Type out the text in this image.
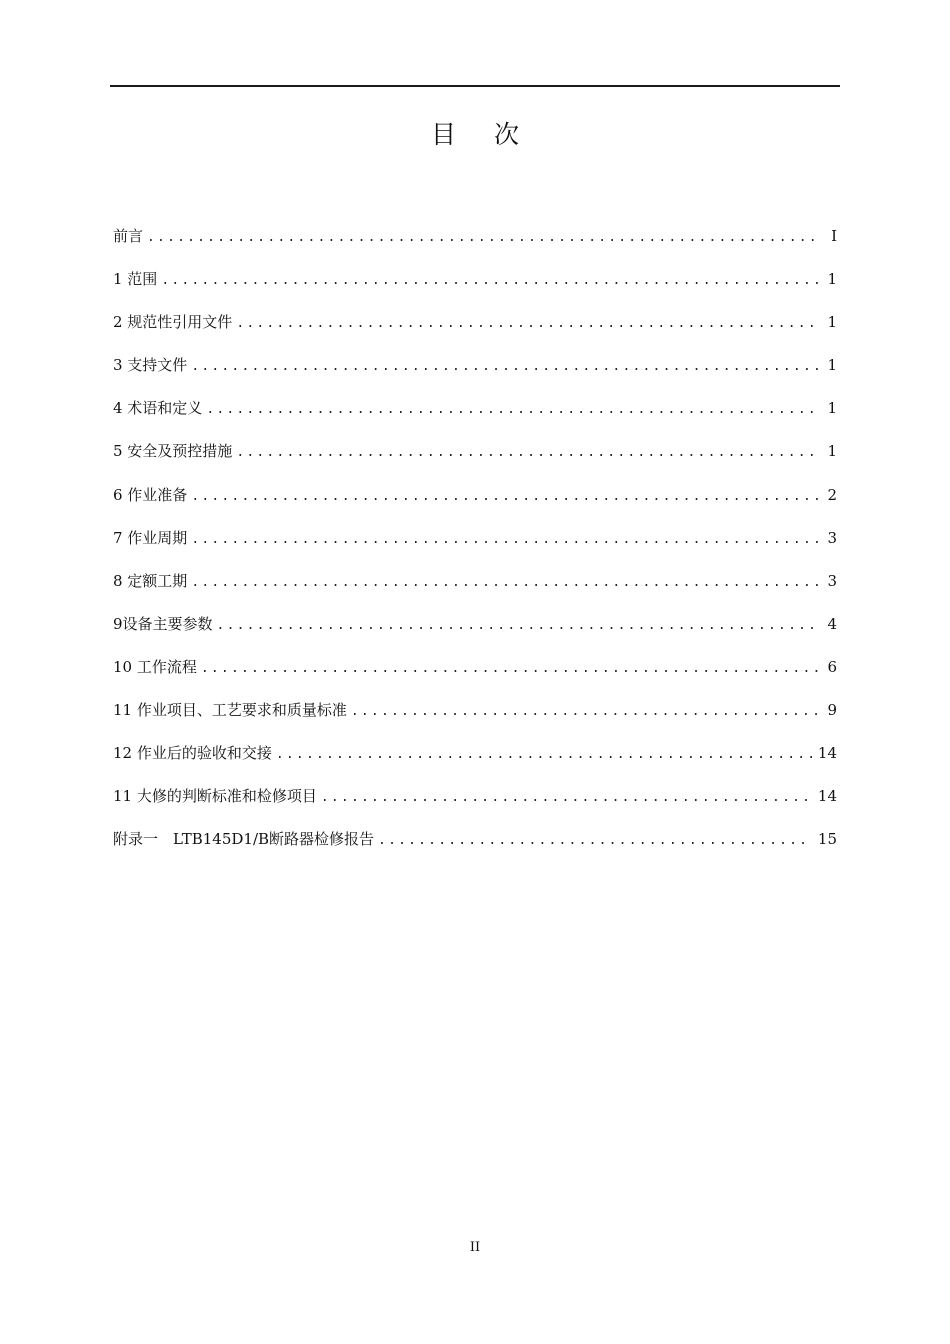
目次
前言 .....	I
1 范围 .....	1
2 规范性引用文件 .....	1
3 支持文件 .....	1
4 术语和定义 .....	1
5 安全及预控措施 .....	1
6 作业准备 .....	2
7 作业周期 .....	3
8 定额工期 .....	3
9设备主要参数 .....	4
10 工作流程 .....	6
11 作业项目、工艺要求和质量标准 .....	9
12 作业后的验收和交接 .....	14
11 大修的判断标准和检修项目 .....	14
附录一　LTB145D1/B断路器检修报告 .....	15
II
